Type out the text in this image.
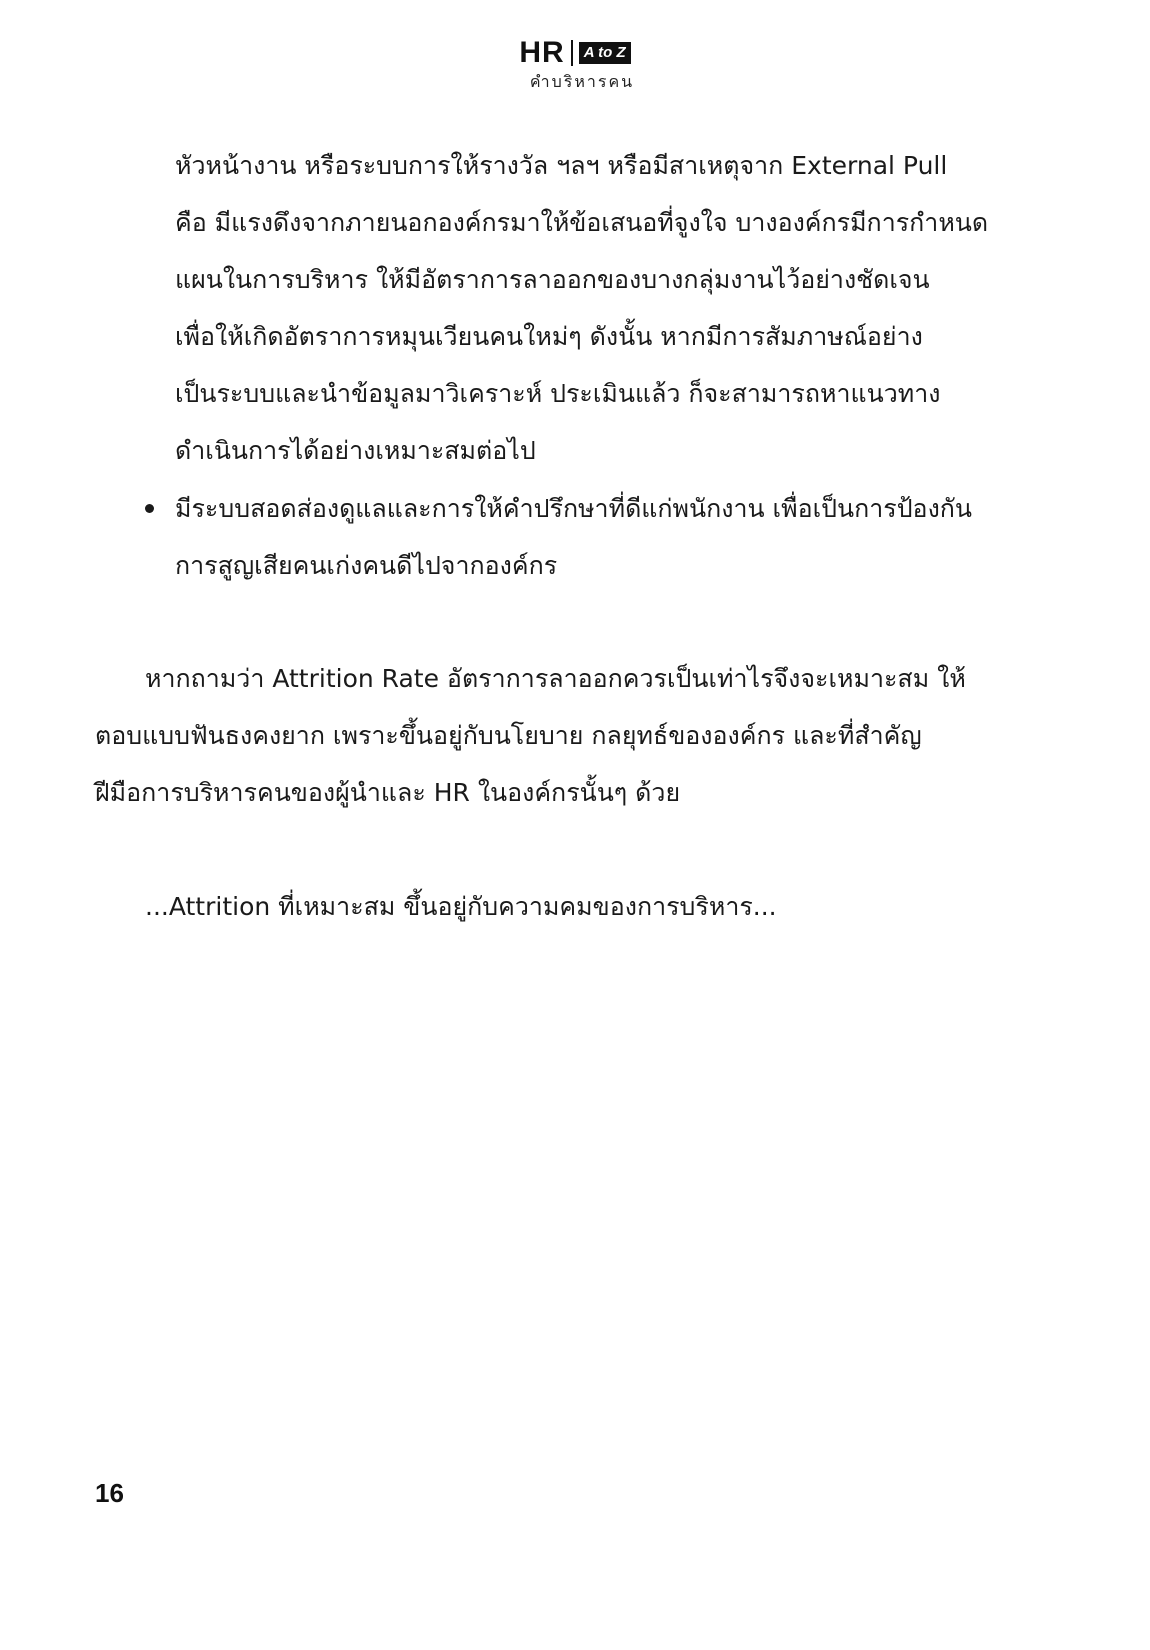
HR	A to Z
คำบริหารคน
หัวหน้างาน หรือระบบการให้รางวัล ฯลฯ หรือมีสาเหตุจาก External Pull
คือ มีแรงดึงจากภายนอกองค์กรมาให้ข้อเสนอที่จูงใจ บางองค์กรมีการกำหนด
แผนในการบริหาร ให้มีอัตราการลาออกของบางกลุ่มงานไว้อย่างชัดเจน
เพื่อให้เกิดอัตราการหมุนเวียนคนใหม่ๆ ดังนั้น หากมีการสัมภาษณ์อย่าง
เป็นระบบและนำข้อมูลมาวิเคราะห์ ประเมินแล้ว ก็จะสามารถหาแนวทาง
ดำเนินการได้อย่างเหมาะสมต่อไป
มีระบบสอดส่องดูแลและการให้คำปรึกษาที่ดีแก่พนักงาน เพื่อเป็นการป้องกัน
การสูญเสียคนเก่งคนดีไปจากองค์กร
หากถามว่า Attrition Rate อัตราการลาออกควรเป็นเท่าไรจึงจะเหมาะสม ให้
ตอบแบบฟันธงคงยาก เพราะขึ้นอยู่กับนโยบาย กลยุทธ์ขององค์กร และที่สำคัญ
ฝีมือการบริหารคนของผู้นำและ HR ในองค์กรนั้นๆ ด้วย
...Attrition ที่เหมาะสม ขึ้นอยู่กับความคมของการบริหาร...
16
